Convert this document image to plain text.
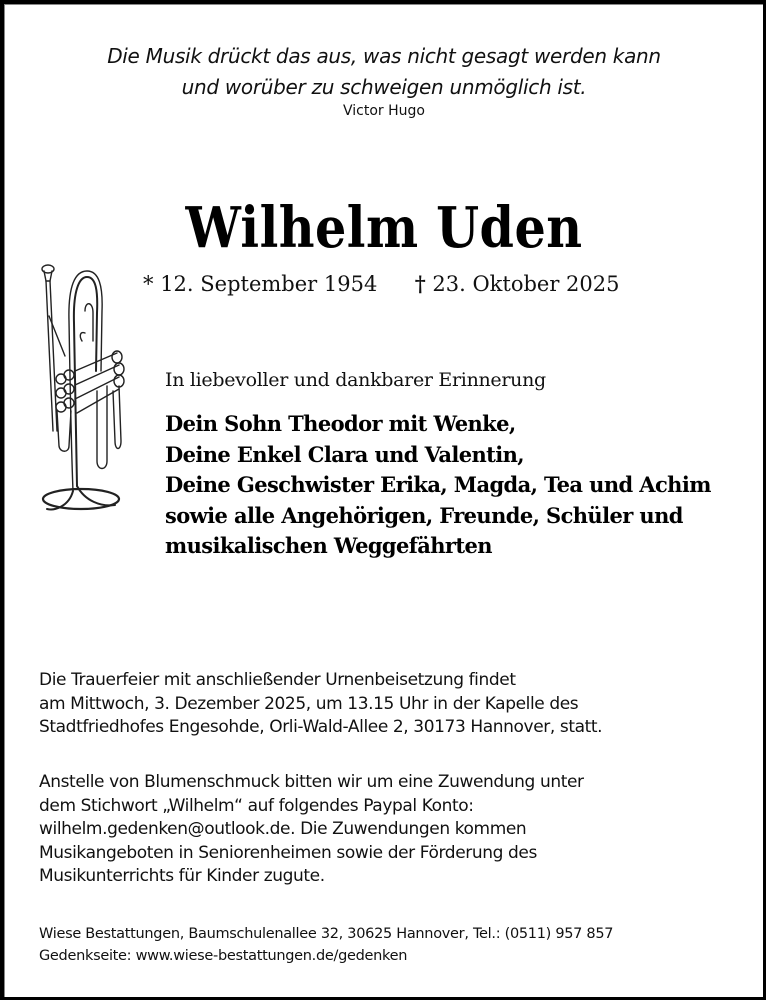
Die Musik drückt das aus, was nicht gesagt werden kann
und worüber zu schweigen unmöglich ist.
Victor Hugo
Wilhelm Uden
* 12. September 1954 † 23. Oktober 2025
In liebevoller und dankbarer Erinnerung
Dein Sohn Theodor mit Wenke,
Deine Enkel Clara und Valentin,
Deine Geschwister Erika, Magda, Tea und Achim
sowie alle Angehörigen, Freunde, Schüler und
musikalischen Weggefährten
Die Trauerfeier mit anschließender Urnenbeisetzung findet
am Mittwoch, 3. Dezember 2025, um 13.15 Uhr in der Kapelle des
Stadtfriedhofes Engesohde, Orli-Wald-Allee 2, 30173 Hannover, statt.
Anstelle von Blumenschmuck bitten wir um eine Zuwendung unter
dem Stichwort „Wilhelm“ auf folgendes Paypal Konto:
wilhelm.gedenken@outlook.de. Die Zuwendungen kommen
Musikangeboten in Seniorenheimen sowie der Förderung des
Musikunterrichts für Kinder zugute.
Wiese Bestattungen, Baumschulenallee 32, 30625 Hannover, Tel.: (0511) 957 857
Gedenkseite: www.wiese-bestattungen.de/gedenken
